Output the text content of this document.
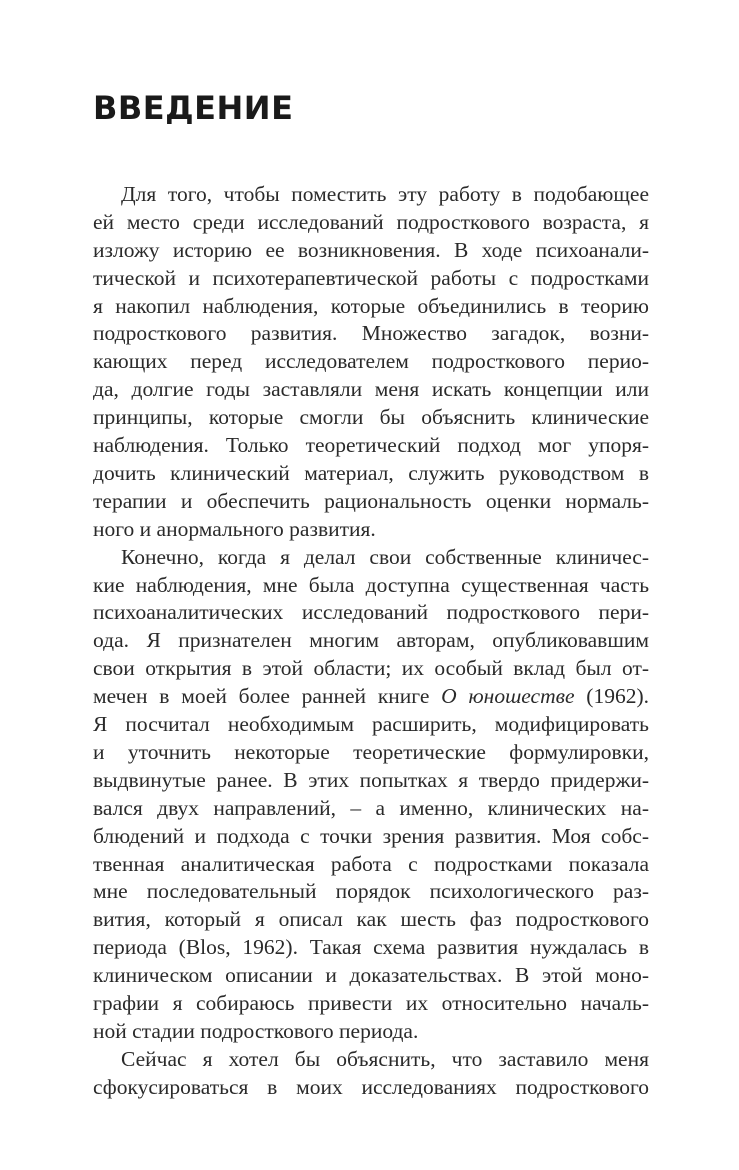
ВВЕДЕНИЕ
Для того, чтобы поместить эту работу в подобающее
ей место среди исследований подросткового возраста, я
изложу историю ее возникновения. В ходе психоанали-
тической и психотерапевтической работы с подростками
я накопил наблюдения, которые объединились в теорию
подросткового развития. Множество загадок, возни-
кающих перед исследователем подросткового перио-
да, долгие годы заставляли меня искать концепции или
принципы, которые смогли бы объяснить клинические
наблюдения. Только теоретический подход мог упоря-
дочить клинический материал, служить руководством в
терапии и обеспечить рациональность оценки нормаль-
ного и анормального развития.
Конечно, когда я делал свои собственные клиничес-
кие наблюдения, мне была доступна существенная часть
психоаналитических исследований подросткового пери-
ода. Я признателен многим авторам, опубликовавшим
свои открытия в этой области; их особый вклад был от-
мечен в моей более ранней книге О юношестве (1962).
Я посчитал необходимым расширить, модифицировать
и уточнить некоторые теоретические формулировки,
выдвинутые ранее. В этих попытках я твердо придержи-
вался двух направлений, – а именно, клинических на-
блюдений и подхода с точки зрения развития. Моя собс-
твенная аналитическая работа с подростками показала
мне последовательный порядок психологического раз-
вития, который я описал как шесть фаз подросткового
периода (Blos, 1962). Такая схема развития нуждалась в
клиническом описании и доказательствах. В этой моно-
графии я собираюсь привести их относительно началь-
ной стадии подросткового периода.
Сейчас я хотел бы объяснить, что заставило меня
сфокусироваться в моих исследованиях подросткового
